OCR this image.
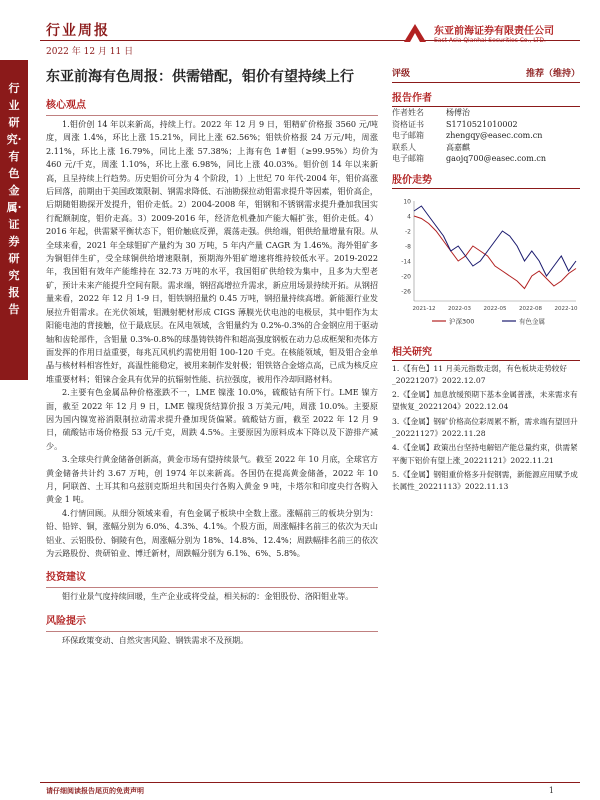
行业周报
2022 年 12 月 11 日
东亚前海证券有限责任公司
East Asia Qianhai Securities Co., LTD.
行业研究·有色金属·证券研究报告
东亚前海有色周报：供需错配，钼价有望持续上行
核心观点

1.钼价创 14 年以来新高，持续上行。2022 年 12 月 9 日，钼精矿价格报 3560 元/吨度，周涨 1.4%，环比上涨 15.21%，同比上涨 62.56%；钼铁价格报 24 万元/吨，周涨 2.11%，环比上涨 16.79%，同比上涨 57.38%；上海有色 1#钼（≥99.95%）均价为 460 元/千克，周涨 1.10%，环比上涨 6.98%，同比上涨 40.03%。钼价创 14 年以来新高，且呈持续上行趋势。历史钼价可分为 4 个阶段，1）上世纪 70 年代-2004 年，钼价高涨后回落，前期由于美国政策限制、钢需求降低、石油勘探拉动钼需求提升等因素，钼价高企，后期随钼勘探开发提升，钼价走低。2）2004-2008 年，钼钢和不锈钢需求提升叠加我国实行配额制度，钼价走高。3）2009-2016 年，经济危机叠加产能大幅扩张，钼价走低。4）2016 年起，供需紧平衡状态下，钼价触底反弹，震荡走强。供给端，钼供给量增量有限。从全球来看，2021 年全球钼矿产量约为 30 万吨，5 年内产量 CAGR 为 1.46%。海外钼矿多为铜钼伴生矿，受全球铜供给增速限制，预期海外钼矿增速将维持较低水平。2019-2022 年，我国钼有效年产能维持在 32.73 万吨的水平，我国钼矿供给较为集中，且多为大型老矿，预计未来产能提升空间有限。需求端，钢招高增拉升需求，新应用场景持续开拓。从钢招量来看，2022 年 12 月 1-9 日，钼铁钢招量约 0.45 万吨，钢招量持续高增。新能源行业发展拉升钼需求。在光伏领域，钼溅射靶材形成 CIGS 薄膜光伏电池的电极层，其中钼作为太阳能电池的背接触，位于最底层。在风电领域，含钼量约为 0.2%-0.3%的合金钢应用于驱动轴和齿轮部件，含钼量 0.3%-0.8%的球墨铸铁铸件和超高强度钢板在动力总成框架和壳体方面发挥的作用日益重要，每兆瓦风机约需使用钼 100-120 千克。在核能领域，钼及钼合金单晶与核材料相容性好，高温性能稳定，被用来制作发射极；钼铁铬合金熔点高，已成为核反应堆重要材料；钼铼合金具有优异的抗辐射性能、抗拉强度，被用作冷却回路材料。

2.主要有色金属品种价格涨跌不一，LME 镍涨 10.0%，硫酸钴有所下行。LME 镍方面，截至 2022 年 12 月 9 日，LME 镍现货结算价报 3 万美元/吨，周涨 10.0%。主要原因为国内镍宽裕消限制拉动需求提升叠加现货偏紧。硫酸钴方面，截至 2022 年 12 月 9 日，硫酸钴市场价格报 53 元/千克，周跌 4.5%。主要原因为原料成本下降以及下游排产减少。

3.全球央行黄金储备创新高，黄金市场有望持续景气。截至 2022 年 10 月底，全球官方黄金储备共计约 3.67 万吨，创 1974 年以来新高。各国仍在提高黄金储备，2022 年 10 月，阿联酋、土耳其和乌兹别克斯坦共和国央行各购入黄金 9 吨，卡塔尔和印度央行各购入黄金 1 吨。

4.行情回顾。从细分领域来看，有色金属子板块中全数上涨。涨幅前三的板块分别为：铅、铅锌、铜，涨幅分别为 6.0%、4.3%、4.1%。个股方面，周涨幅排名前三的依次为天山铝业、云铝股份、铜陵有色，周涨幅分别为 18%、14.8%、12.4%；周跌幅排名前三的依次为云路股份、贵研铂业、博迁新材，周跌幅分别为 6.1%、6%、5.8%。

投资建议

钼行业景气度持续回暖，生产企业或将受益，相关标的：金钼股份、洛阳钼业等。

风险提示

环保政策变动、自然灾害风险、钢铁需求不及预期。

评级	推荐（维持）
报告作者
作者姓名	杨傅治
资格证书	S1710521010002
电子邮箱	zhengqy@easec.com.cn
联系人	高嘉麒
电子邮箱	gaojq700@easec.com.cn
股价走势
10
4
-2
-8
-14
-20
-26
2021-12 2022-03 2022-05 2022-08 2022-10
沪深300	有色金属
相关研究
1.《【有色】11 月美元指数走弱，有色板块走势较好_20221207》2022.12.07
2.《【金属】加息放缓预期下基本金属普涨，未来需求有望恢复_20221204》2022.12.04
3.《【金属】钢矿价格高位彩周累不断，需求端有望回升_20221127》2022.11.28
4.《【金属】政策出台坚持电解铝产能总量约束，供需紧平衡下铝价有望上涨_20221121》2022.11.21
5.《【金属】钢钼重价格多升促钢需，新能源应用赋予成长属性_20221113》2022.11.13
请仔细阅读报告尾页的免责声明	1
